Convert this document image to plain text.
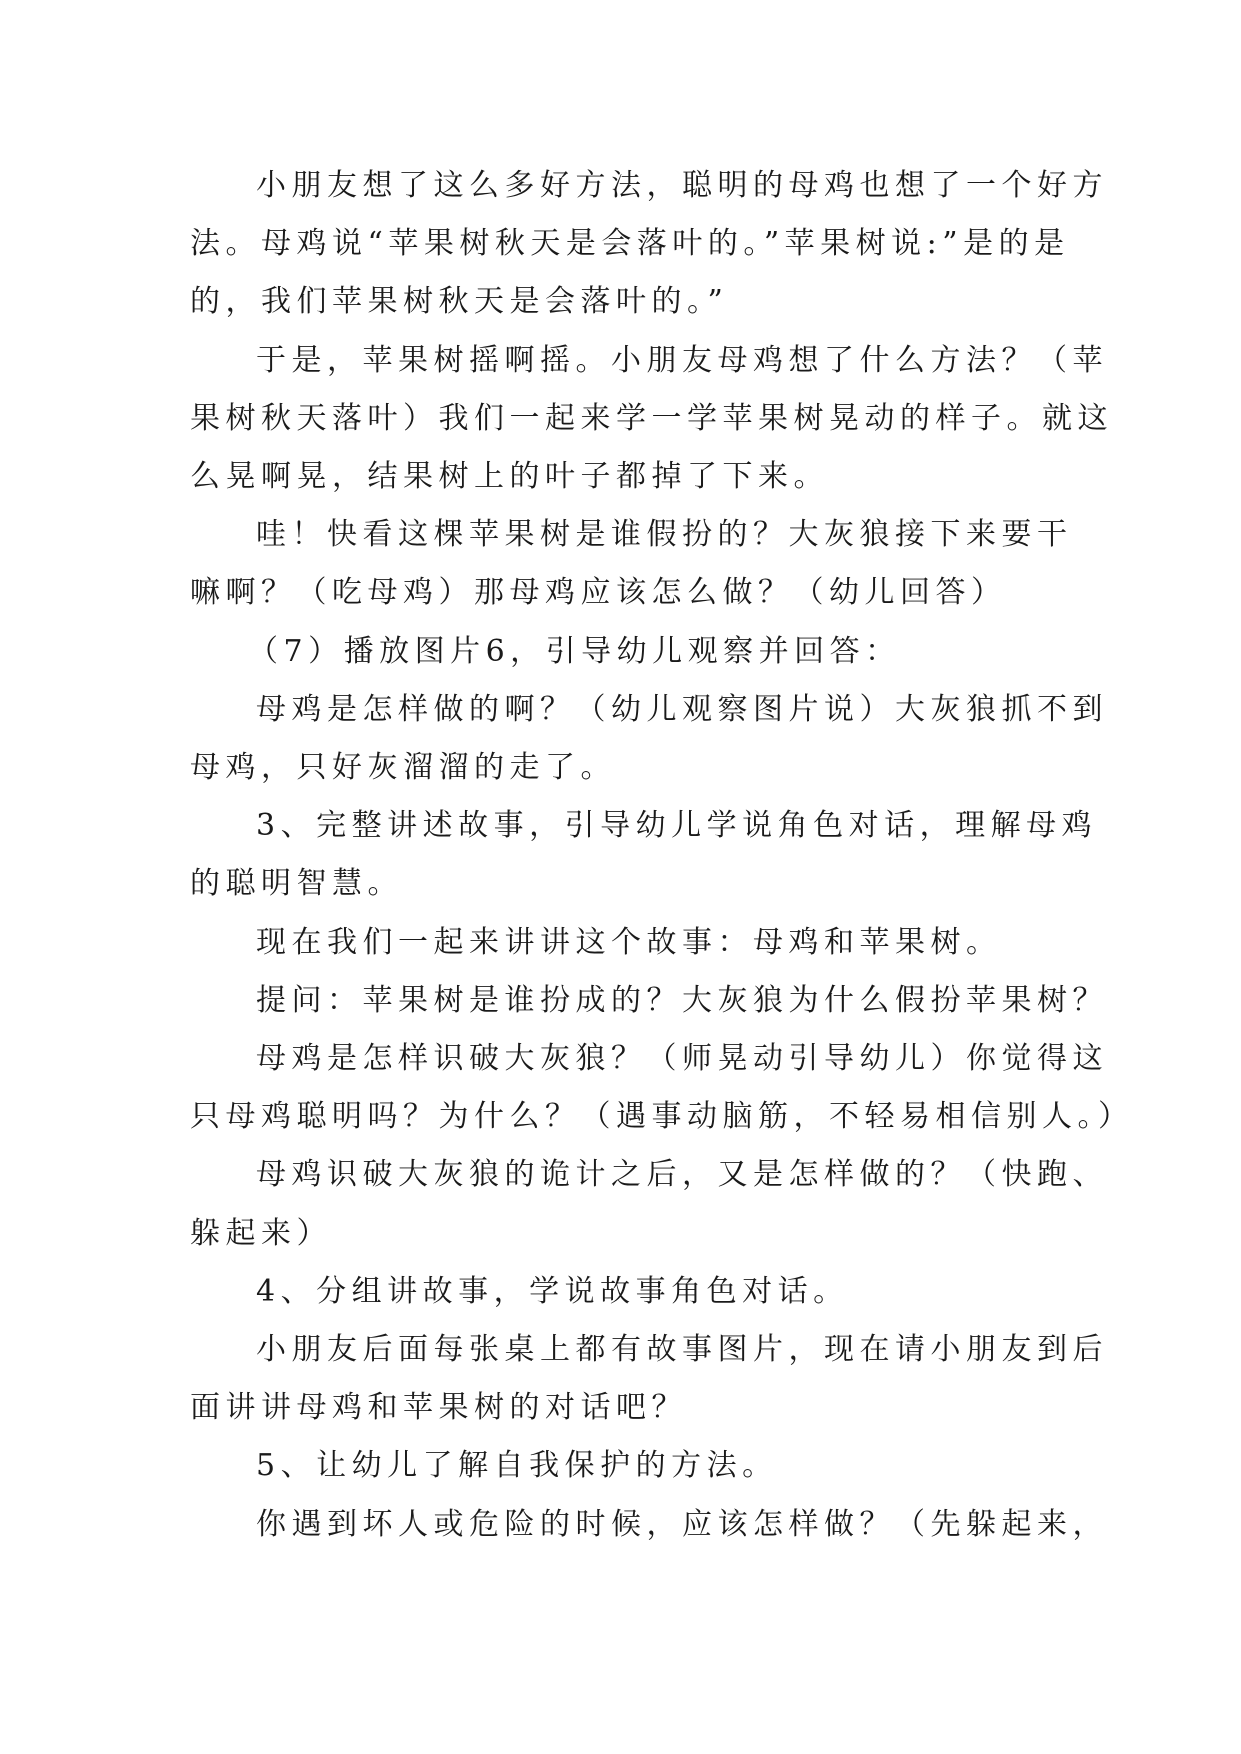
小朋友想了这么多好方法，聪明的母鸡也想了一个好方
法。母鸡说“苹果树秋天是会落叶的。”苹果树说:”是的是
的，我们苹果树秋天是会落叶的。”
于是，苹果树摇啊摇。小朋友母鸡想了什么方法？（苹
果树秋天落叶）我们一起来学一学苹果树晃动的样子。就这
么晃啊晃，结果树上的叶子都掉了下来。
哇！快看这棵苹果树是谁假扮的？大灰狼接下来要干
嘛啊？（吃母鸡）那母鸡应该怎么做？（幼儿回答）
（7）播放图片6，引导幼儿观察并回答：
母鸡是怎样做的啊？（幼儿观察图片说）大灰狼抓不到
母鸡，只好灰溜溜的走了。
3、完整讲述故事，引导幼儿学说角色对话，理解母鸡
的聪明智慧。
现在我们一起来讲讲这个故事：母鸡和苹果树。
提问：苹果树是谁扮成的？大灰狼为什么假扮苹果树？
母鸡是怎样识破大灰狼？（师晃动引导幼儿）你觉得这
只母鸡聪明吗？为什么？（遇事动脑筋，不轻易相信别人。）
母鸡识破大灰狼的诡计之后，又是怎样做的？（快跑、
躲起来）
4、分组讲故事，学说故事角色对话。
小朋友后面每张桌上都有故事图片，现在请小朋友到后
面讲讲母鸡和苹果树的对话吧？
5、让幼儿了解自我保护的方法。
你遇到坏人或危险的时候，应该怎样做？（先躲起来，
